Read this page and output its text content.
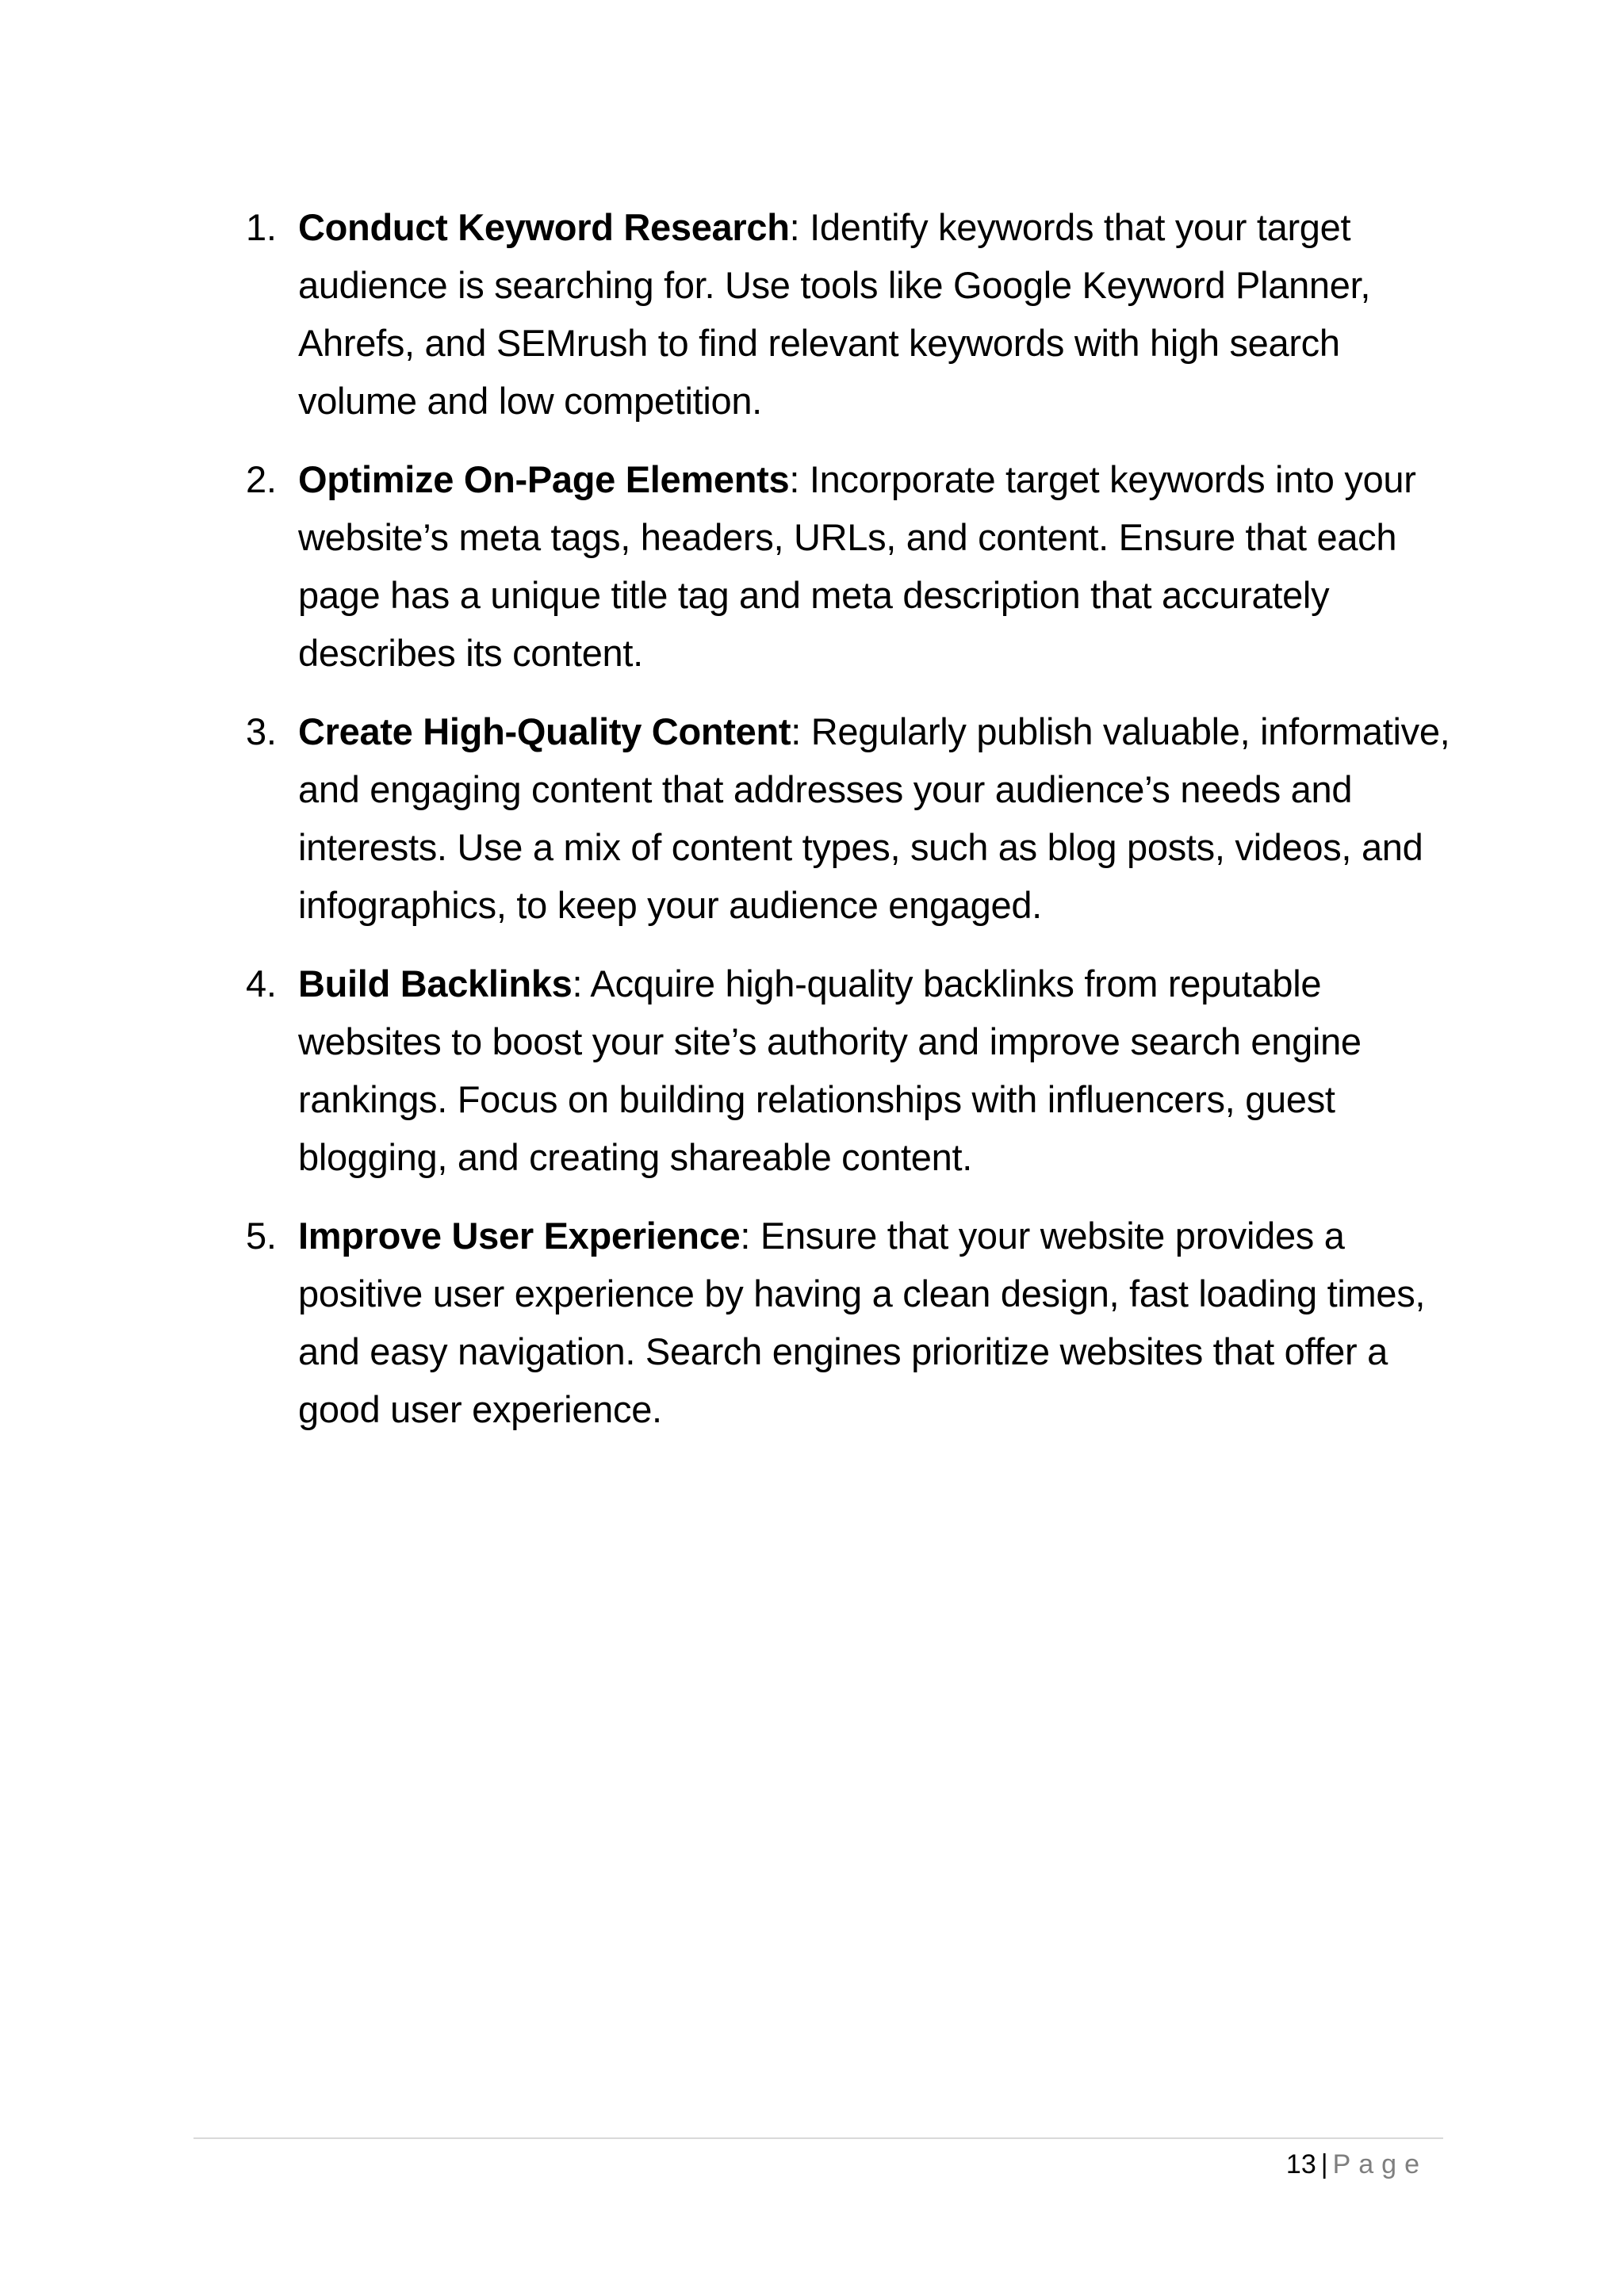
1. Conduct Keyword Research: Identify keywords that your target audience is searching for. Use tools like Google Keyword Planner, Ahrefs, and SEMrush to find relevant keywords with high search volume and low competition.
2. Optimize On-Page Elements: Incorporate target keywords into your website’s meta tags, headers, URLs, and content. Ensure that each page has a unique title tag and meta description that accurately describes its content.
3. Create High-Quality Content: Regularly publish valuable, informative, and engaging content that addresses your audience’s needs and interests. Use a mix of content types, such as blog posts, videos, and infographics, to keep your audience engaged.
4. Build Backlinks: Acquire high-quality backlinks from reputable websites to boost your site’s authority and improve search engine rankings. Focus on building relationships with influencers, guest blogging, and creating shareable content.
5. Improve User Experience: Ensure that your website provides a positive user experience by having a clean design, fast loading times, and easy navigation. Search engines prioritize websites that offer a good user experience.
13 | Page
